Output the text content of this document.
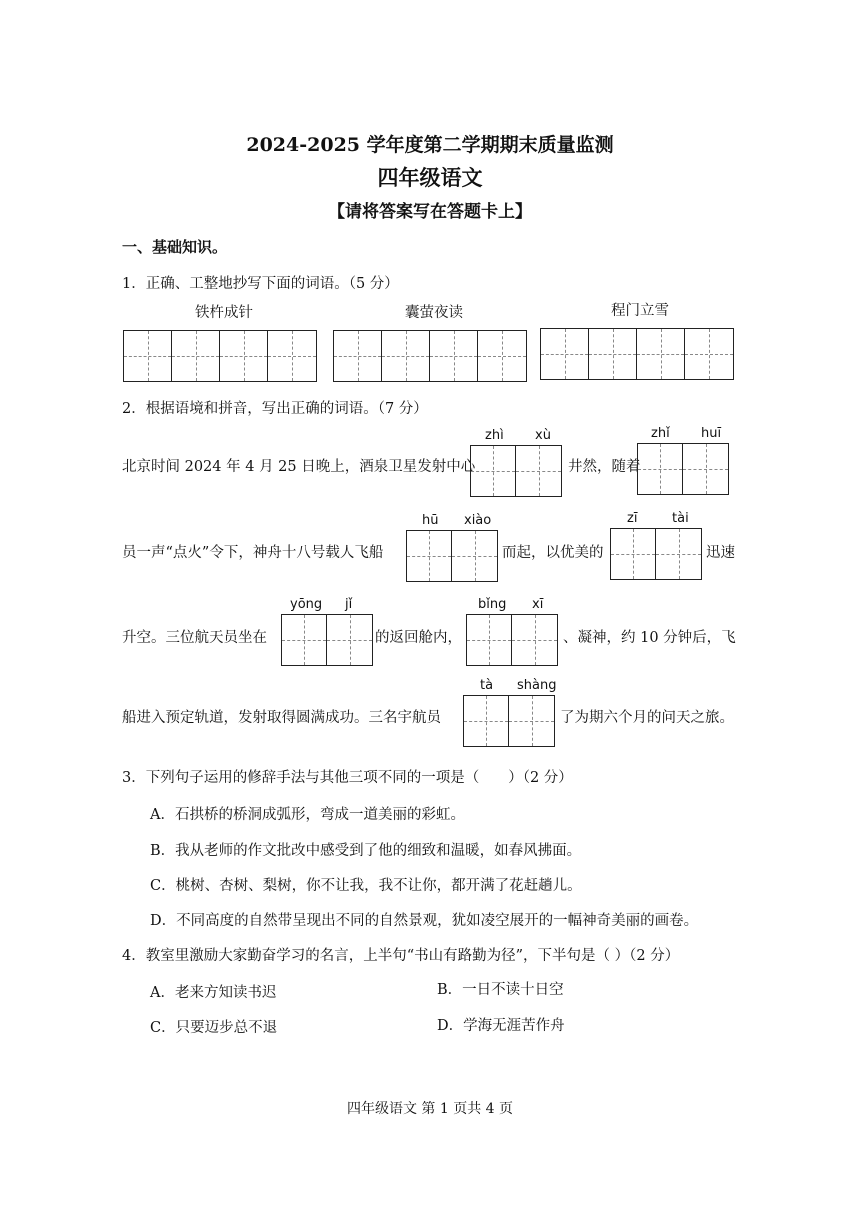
2024-2025 学年度第二学期期末质量监测
四年级语文
【请将答案写在答题卡上】
一、基础知识。
1．正确、工整地抄写下面的词语。（5 分）
铁杵成针	囊萤夜读	程门立雪
2．根据语境和拼音，写出正确的词语。（7 分）
zhì xù	zhǐ huī
北京时间 2024 年 4 月 25 日晚上，酒泉卫星发射中心	井然，随着
hū xiào	zī	tài
员一声“点火”令下，神舟十八号载人飞船	而起，以优美的	迅速
yōng jǐ	bǐng xī
升空。三位航天员坐在	的返回舱内，	、凝神，约 10 分钟后，飞
tà shàng
船进入预定轨道，发射取得圆满成功。三名宇航员	了为期六个月的问天之旅。
3．下列句子运用的修辞手法与其他三项不同的一项是（　　）（2 分）
A．石拱桥的桥洞成弧形，弯成一道美丽的彩虹。
B．我从老师的作文批改中感受到了他的细致和温暖，如春风拂面。
C．桃树、杏树、梨树，你不让我，我不让你，都开满了花赶趟儿。
D．不同高度的自然带呈现出不同的自然景观，犹如凌空展开的一幅神奇美丽的画卷。
4．教室里激励大家勤奋学习的名言，上半句“书山有路勤为径”，下半句是（ ）（2 分）
A．老来方知读书迟	B．一日不读十日空
C．只要迈步总不退	D．学海无涯苦作舟
四年级语文 第 1 页共 4 页
